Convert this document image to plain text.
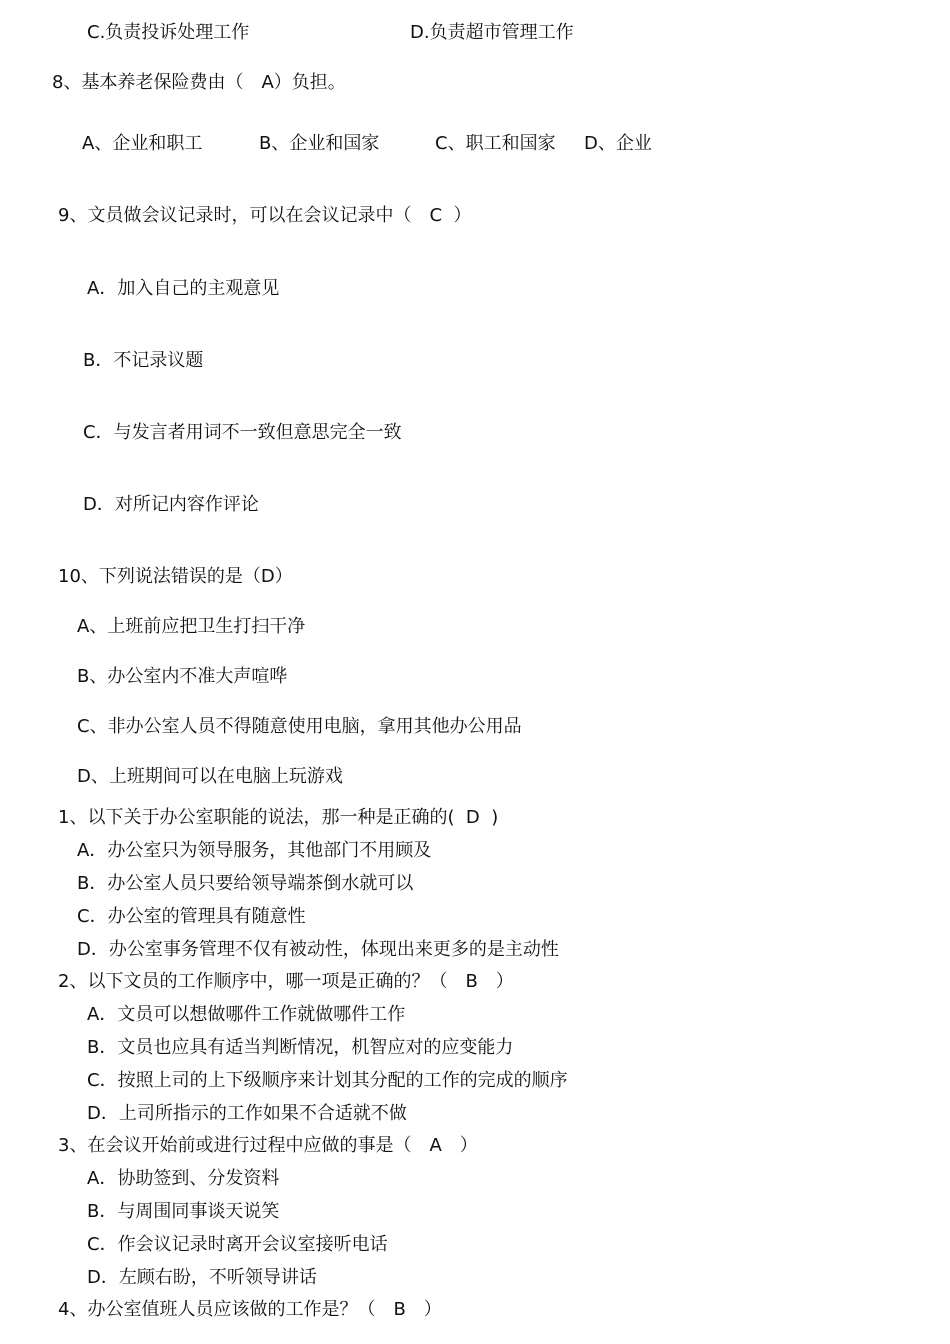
C.负责投诉处理工作	D.负责超市管理工作
8、基本养老保险费由（　A）负担。
A、企业和职工	B、企业和国家	C、职工和国家 D、企业
9、文员做会议记录时，可以在会议记录中（　C  ）
A．加入自己的主观意见
B．不记录议题
C．与发言者用词不一致但意思完全一致
D．对所记内容作评论
10、下列说法错误的是（D）
A、上班前应把卫生打扫干净
B、办公室内不准大声喧哗
C、非办公室人员不得随意使用电脑，拿用其他办公用品
D、上班期间可以在电脑上玩游戏
1、以下关于办公室职能的说法，那一种是正确的(  D  )
A．办公室只为领导服务，其他部门不用顾及
B．办公室人员只要给领导端茶倒水就可以
C．办公室的管理具有随意性
D．办公室事务管理不仅有被动性，体现出来更多的是主动性
2、以下文员的工作顺序中，哪一项是正确的？（　B　）
A．文员可以想做哪件工作就做哪件工作
B．文员也应具有适当判断情况，机智应对的应变能力
C．按照上司的上下级顺序来计划其分配的工作的完成的顺序
D．上司所指示的工作如果不合适就不做
3、在会议开始前或进行过程中应做的事是（　A　）
A．协助签到、分发资料
B．与周围同事谈天说笑
C．作会议记录时离开会议室接听电话
D．左顾右盼，不听领导讲话
4、办公室值班人员应该做的工作是？（　B　）
